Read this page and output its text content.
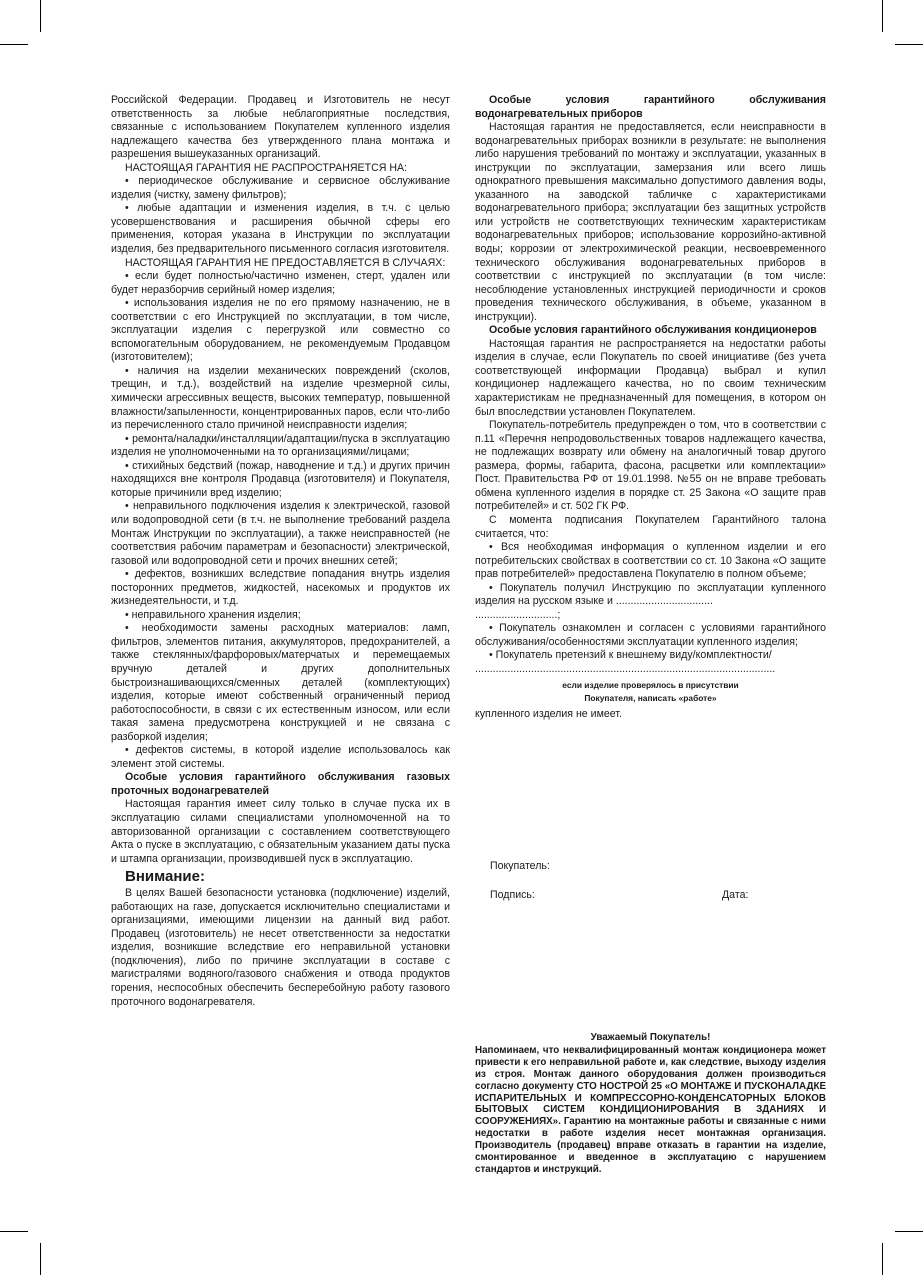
Российской Федерации. Продавец и Изготовитель не несут ответственность за любые неблагоприятные последствия, связанные с использованием Покупателем купленного изделия надлежащего качества без утвержденного плана монтажа и разрешения вышеуказанных организаций.

НАСТОЯЩАЯ ГАРАНТИЯ НЕ РАСПРОСТРАНЯЕТСЯ НА:

• периодическое обслуживание и сервисное обслуживание изделия (чистку, замену фильтров);

• любые адаптации и изменения изделия, в т.ч. с целью усовершенствования и расширения обычной сферы его применения, которая указана в Инструкции по эксплуатации изделия, без предварительного письменного согласия изготовителя.

НАСТОЯЩАЯ ГАРАНТИЯ НЕ ПРЕДОСТАВЛЯЕТСЯ В СЛУЧАЯХ:

• если будет полностью/частично изменен, стерт, удален или будет неразборчив серийный номер изделия;

• использования изделия не по его прямому назначению, не в соответствии с его Инструкцией по эксплуатации, в том числе, эксплуатации изделия с перегрузкой или совместно со вспомогательным оборудованием, не рекомендуемым Продавцом (изготовителем);

• наличия на изделии механических повреждений (сколов, трещин, и т.д.), воздействий на изделие чрезмерной силы, химически агрессивных веществ, высоких температур, повышенной влажности/запыленности, концентрированных паров, если что-либо из перечисленного стало причиной неисправности изделия;

• ремонта/наладки/инсталляции/адаптации/пуска в эксплуатацию изделия не уполномоченными на то организациями/лицами;

• стихийных бедствий (пожар, наводнение и т.д.) и других причин находящихся вне контроля Продавца (изготовителя) и Покупателя, которые причинили вред изделию;

• неправильного подключения изделия к электрической, газовой или водопроводной сети (в т.ч. не выполнение требований раздела Монтаж Инструкции по эксплуатации), а также неисправностей (не соответствия рабочим параметрам и безопасности) электрической, газовой или водопроводной сети и прочих внешних сетей;

• дефектов, возникших вследствие попадания внутрь изделия посторонних предметов, жидкостей, насекомых и продуктов их жизнедеятельности, и т.д.

• неправильного хранения изделия;

• необходимости замены расходных материалов: ламп, фильтров, элементов питания, аккумуляторов, предохранителей, а также стеклянных/фарфоровых/матерчатых и перемещаемых вручную деталей и других дополнительных быстроизнашивающихся/сменных деталей (комплектующих) изделия, которые имеют собственный ограниченный период работоспособности, в связи с их естественным износом, или если такая замена предусмотрена конструкцией и не связана с разборкой изделия;

• дефектов системы, в которой изделие использовалось как элемент этой системы.

Особые условия гарантийного обслуживания газовых проточных водонагревателей

Настоящая гарантия имеет силу только в случае пуска их в эксплуатацию силами специалистами уполномоченной на то авторизованной организации с составлением соответствующего Акта о пуске в эксплуатацию, с обязательным указанием даты пуска и штампа организации, производившей пуск в эксплуатацию.

Внимание:

В целях Вашей безопасности установка (подключение) изделий, работающих на газе, допускается исключительно специалистами и организациями, имеющими лицензии на данный вид работ. Продавец (изготовитель) не несет ответственности за недостатки изделия, возникшие вследствие его неправильной установки (подключения), либо по причине эксплуатации в составе с магистралями водяного/газового снабжения и отвода продуктов горения, неспособных обеспечить бесперебойную работу газового проточного водонагревателя.

Особые условия гарантийного обслуживания водонагревательных приборов

Настоящая гарантия не предоставляется, если неисправности в водонагревательных приборах возникли в результате: не выполнения либо нарушения требований по монтажу и эксплуатации, указанных в инструкции по эксплуатации, замерзания или всего лишь однократного превышения максимально допустимого давления воды, указанного на заводской табличке с характеристиками водонагревательного прибора; эксплуатации без защитных устройств или устройств не соответствующих техническим характеристикам водонагревательных приборов; использование коррозийно-активной воды; коррозии от электрохимической реакции, несвоевременного технического обслуживания водонагревательных приборов в соответствии с инструкцией по эксплуатации (в том числе: несоблюдение установленных инструкцией периодичности и сроков проведения технического обслуживания, в объеме, указанном в инструкции).

Особые условия гарантийного обслуживания кондиционеров

Настоящая гарантия не распространяется на недостатки работы изделия в случае, если Покупатель по своей инициативе (без учета соответствующей информации Продавца) выбрал и купил кондиционер надлежащего качества, но по своим техническим характеристикам не предназначенный для помещения, в котором он был впоследствии установлен Покупателем.

Покупатель-потребитель предупрежден о том, что в соответствии с п.11 «Перечня непродовольственных товаров надлежащего качества, не подлежащих возврату или обмену на аналогичный товар другого размера, формы, габарита, фасона, расцветки или комплектации» Пост. Правительства РФ от 19.01.1998. №55 он не вправе требовать обмена купленного изделия в порядке ст. 25 Закона «О защите прав потребителей» и ст. 502 ГК РФ.

С момента подписания Покупателем Гарантийного талона считается, что:

• Вся необходимая информация о купленном изделии и его потребительских свойствах в соответствии со ст. 10 Закона «О защите прав потребителей» предоставлена Покупателю в полном объеме;

• Покупатель получил Инструкцию по эксплуатации купленного изделия на русском языке и .................................

............................;

• Покупатель ознакомлен и согласен с условиями гарантийного обслуживания/особенностями эксплуатации купленного изделия;

• Покупатель претензий к внешнему виду/комплектности/

......................................................................................................

если изделие проверялось в присутствии

Покупателя, написать «работе»

купленного изделия не имеет.

Покупатель:
Подпись:	Дата:
Уважаемый Покупатель!
Напоминаем, что неквалифицированный монтаж кондиционера может привести к его неправильной работе и, как следствие, выходу изделия из строя. Монтаж данного оборудования должен производиться согласно документу СТО НОСТРОЙ 25 «О МОНТАЖЕ И ПУСКОНАЛАДКЕ ИСПАРИТЕЛЬНЫХ И КОМПРЕССОРНО-КОНДЕНСАТОРНЫХ БЛОКОВ БЫТОВЫХ СИСТЕМ КОНДИЦИОНИРОВАНИЯ В ЗДАНИЯХ И СООРУЖЕНИЯХ». Гарантию на монтажные работы и связанные с ними недостатки в работе изделия несет монтажная организация. Производитель (продавец) вправе отказать в гарантии на изделие, смонтированное и введенное в эксплуатацию с нарушением стандартов и инструкций.
